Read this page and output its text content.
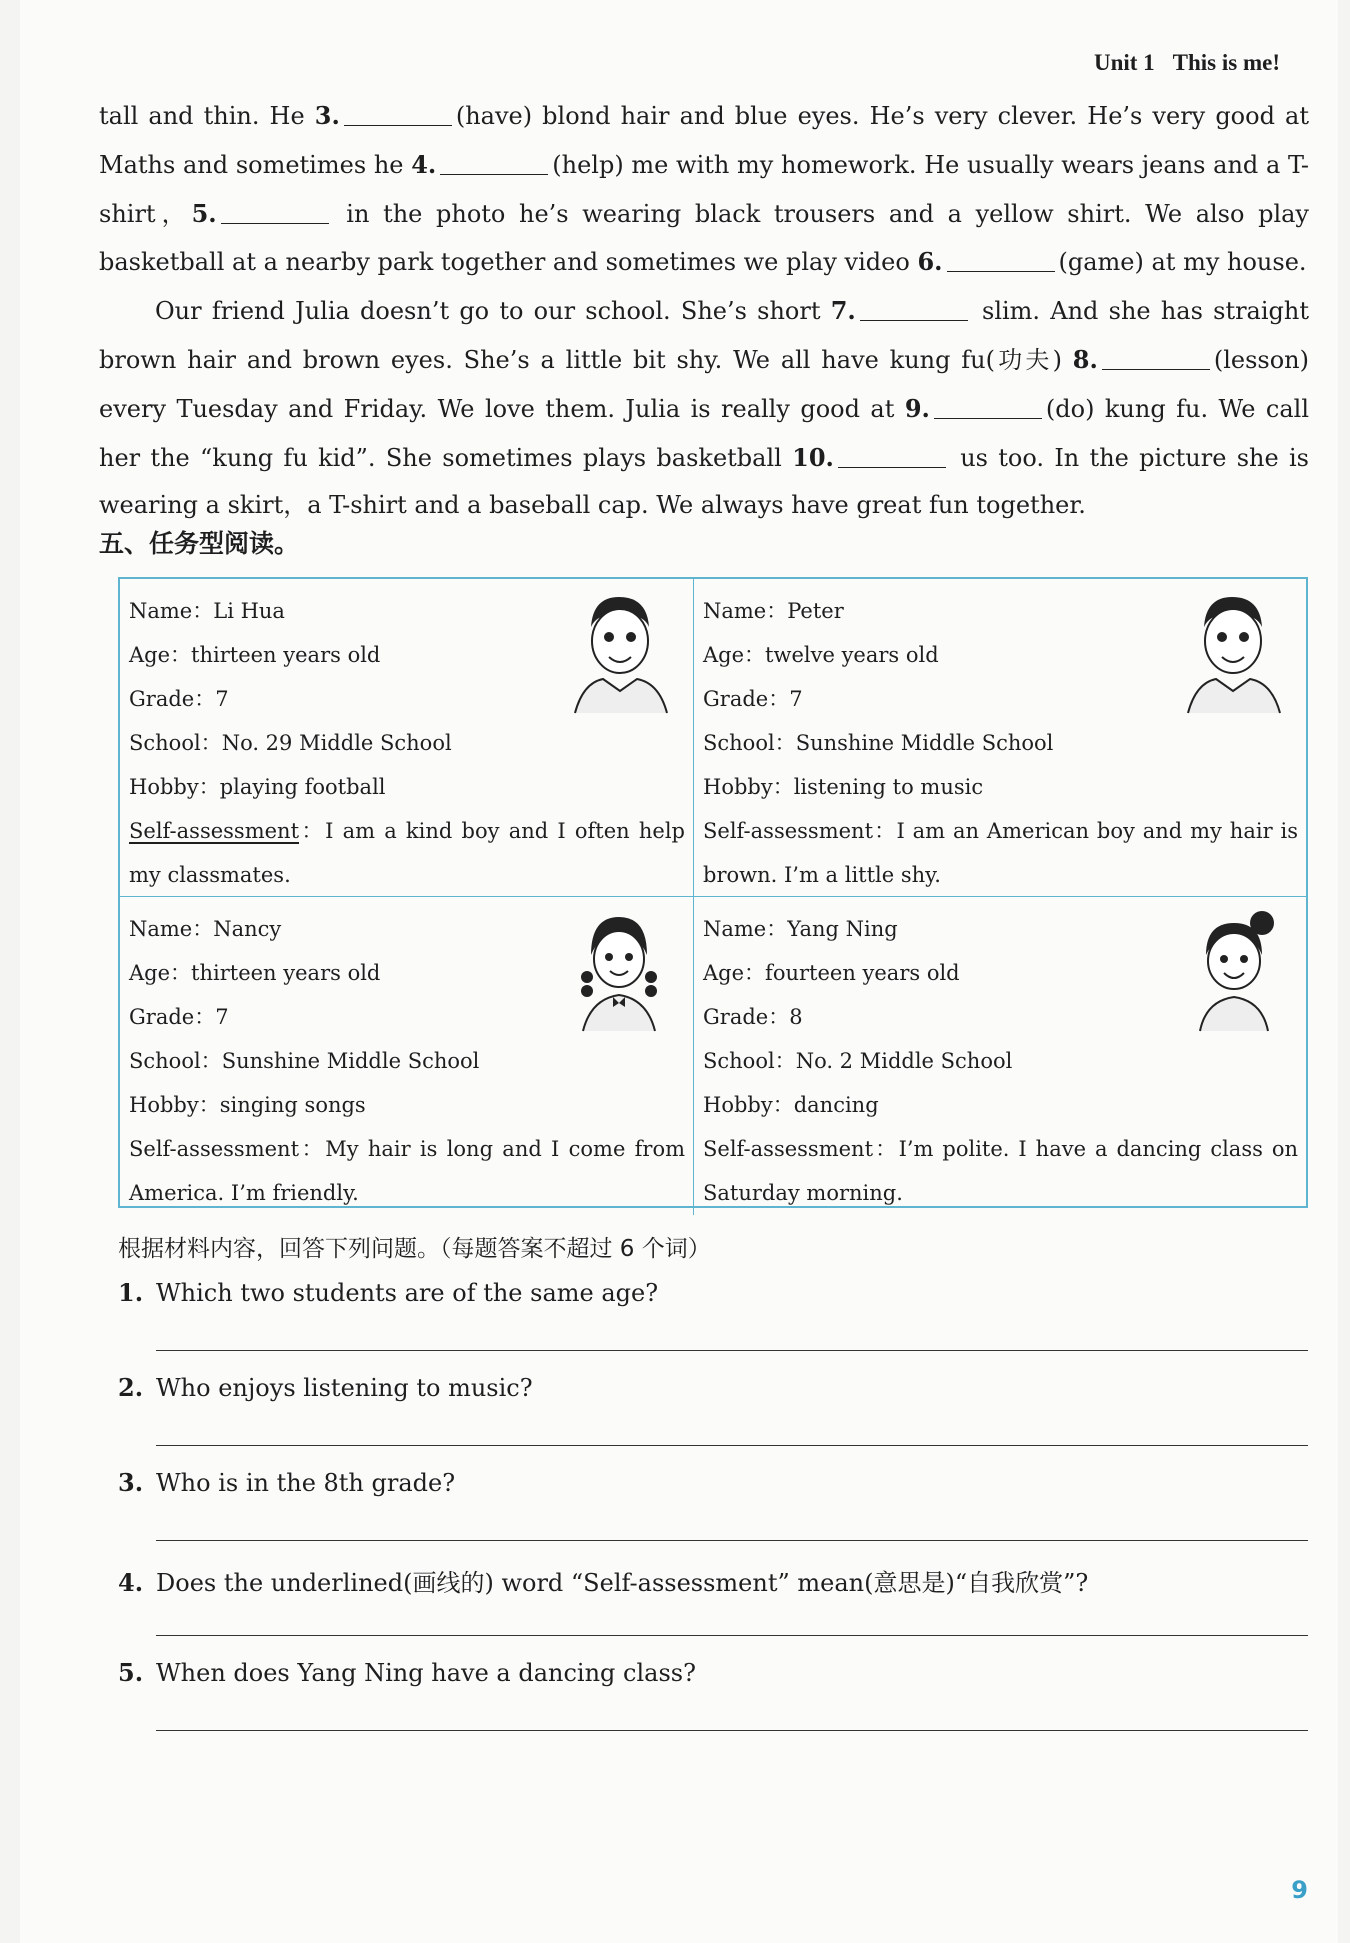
Unit 1 This is me!

tall and thin. He 3.	(have) blond hair and blue eyes. He’s very clever. He’s very good at Maths and sometimes he 4.	(help) me with my homework. He usually wears jeans and a T-shirt，5.	in the photo he’s wearing black trousers and a yellow shirt. We also play basketball at a nearby park together and sometimes we play video 6.	(game) at my house.

Our friend Julia doesn’t go to our school. She’s short 7.	slim. And she has straight brown hair and brown eyes. She’s a little bit shy. We all have kung fu(功夫) 8.	(lesson) every Tuesday and Friday. We love them. Julia is really good at 9.	(do) kung fu. We call her the “kung fu kid”. She sometimes plays basketball 10.	us too. In the picture she is wearing a skirt，a T-shirt and a baseball cap. We always have great fun together.

五、任务型阅读。
Name：Li Hua
Age：thirteen years old
Grade：7
School：No. 29 Middle School
Hobby：playing football
Self-assessment：I am a kind boy and I often help my classmates.
Name：Peter
Age：twelve years old
Grade：7
School：Sunshine Middle School
Hobby：listening to music
Self-assessment：I am an American boy and my hair is brown. I’m a little shy.
Name：Nancy
Age：thirteen years old
Grade：7
School：Sunshine Middle School
Hobby：singing songs
Self-assessment：My hair is long and I come from America. I’m friendly.
Name：Yang Ning
Age：fourteen years old
Grade：8
School：No. 2 Middle School
Hobby：dancing
Self-assessment：I’m polite. I have a dancing class on Saturday morning.
根据材料内容，回答下列问题。（每题答案不超过 6 个词）
1. Which two students are of the same age?
2. Who enjoys listening to music?
3. Who is in the 8th grade?
4. Does the underlined(画线的) word “Self-assessment” mean(意思是)“自我欣赏”?
5. When does Yang Ning have a dancing class?
9
